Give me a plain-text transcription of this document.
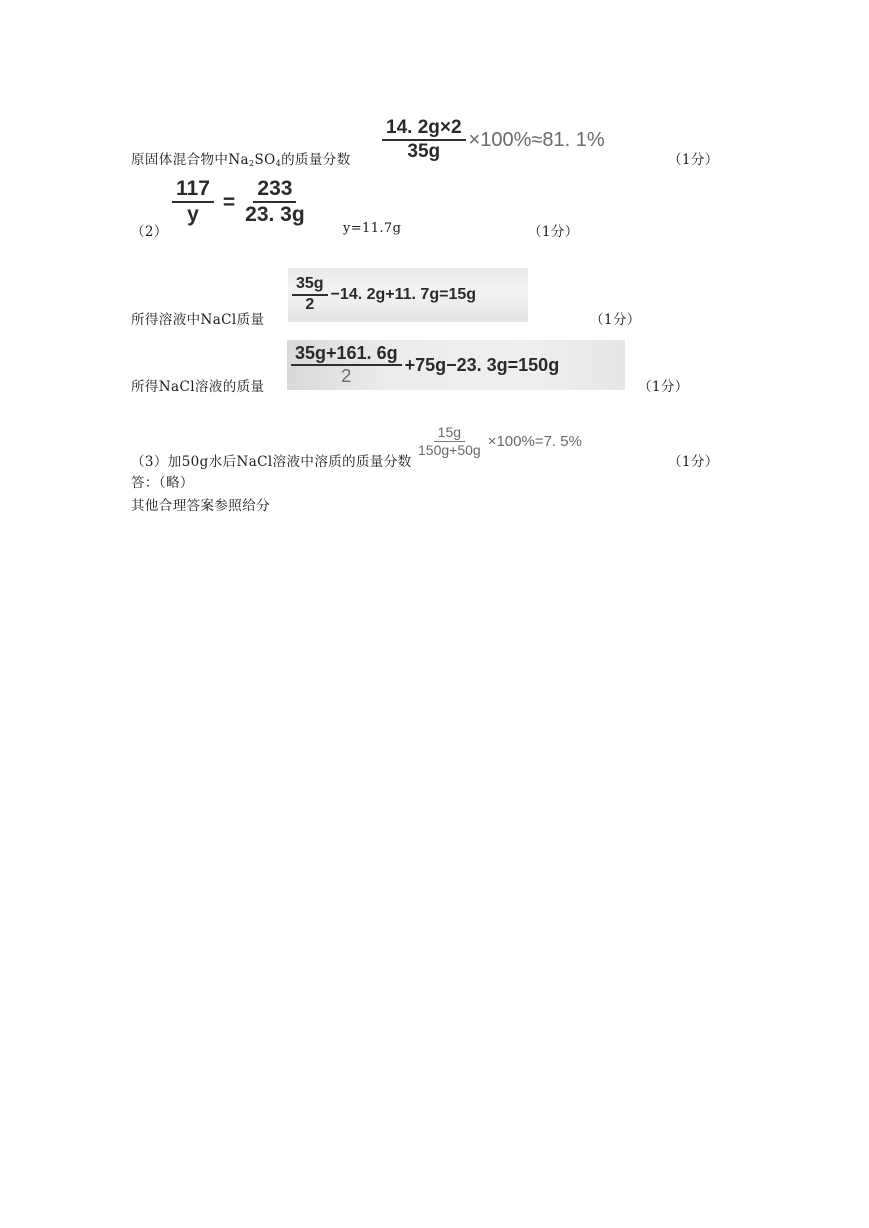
原固体混合物中$Na_2SO_4$的质量分数 $\frac{14. 2g\times 2}{35g} \times 100\%\approx 81$. 1%
（1分）
（2）
$\frac{117}{y} = \frac{233}{23. 3g}$
y=11.7g	（1分）
所得溶液中NaCl质量
$\frac{35g}{2} -14$. 2g+11. 7g=15g
（1分）
所得NaCl溶液的质量
$\frac{35g+161. 6g}{2} +75g-23$. 3g=150g
（1分）
（3）加50g水后NaCl溶液中溶质的质量分数
$\frac{15g}{150g+50g} \times 100\%=7$. 5%
（1分）
答：（略）
其他合理答案参照给分
